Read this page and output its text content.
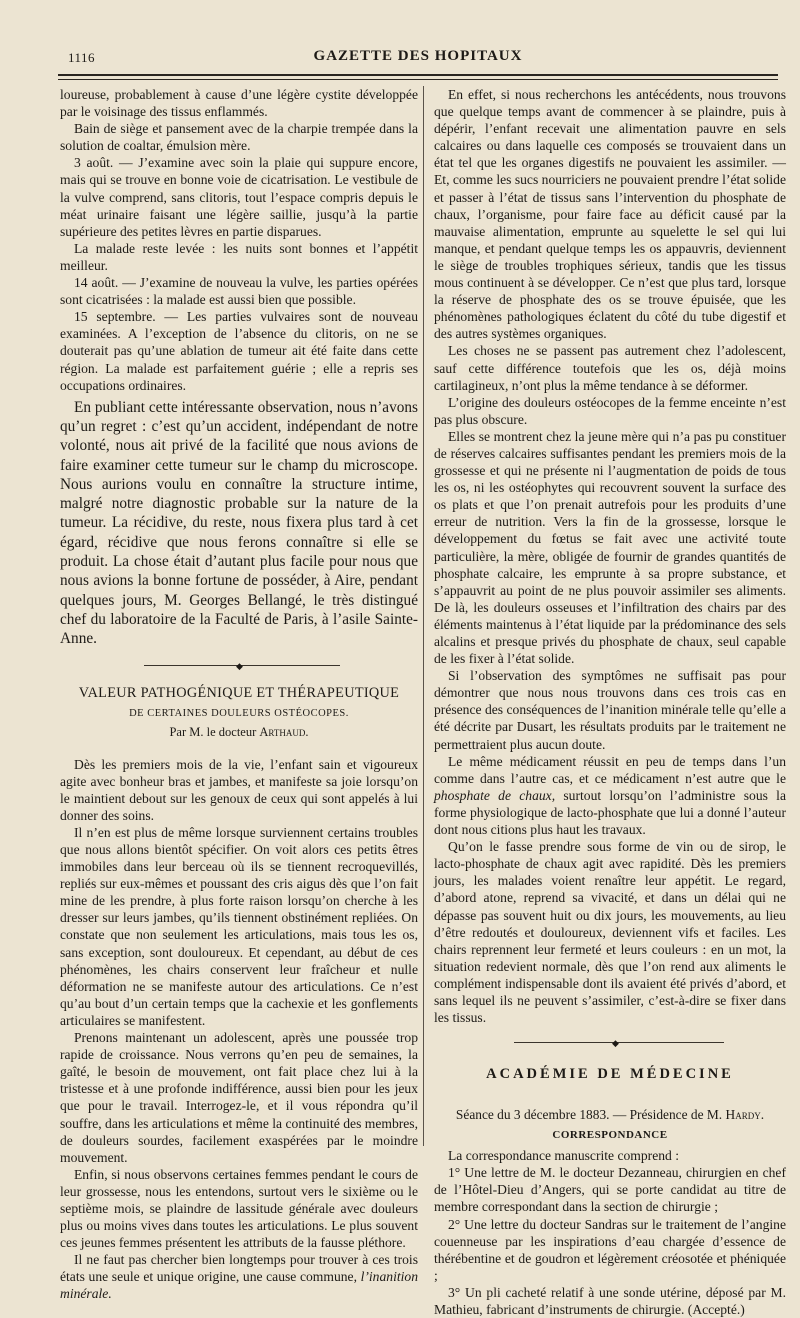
1116	GAZETTE DES HOPITAUX

loureuse, probablement à cause d’une légère cystite développée par le voisinage des tissus enflammés.

Bain de siège et pansement avec de la charpie trempée dans la solution de coaltar, émulsion mère.

3 août. — J’examine avec soin la plaie qui suppure encore, mais qui se trouve en bonne voie de cicatrisation. Le vestibule de la vulve comprend, sans clitoris, tout l’espace compris depuis le méat urinaire faisant une légère saillie, jusqu’à la partie supérieure des petites lèvres en partie disparues.

La malade reste levée : les nuits sont bonnes et l’appétit meilleur.

14 août. — J’examine de nouveau la vulve, les parties opérées sont cicatrisées : la malade est aussi bien que possible.

15 septembre. — Les parties vulvaires sont de nouveau examinées. A l’exception de l’absence du clitoris, on ne se douterait pas qu’une ablation de tumeur ait été faite dans cette région. La malade est parfaitement guérie ; elle a repris ses occupations ordinaires.

En publiant cette intéressante observation, nous n’avons qu’un regret : c’est qu’un accident, indépendant de notre volonté, nous ait privé de la facilité que nous avions de faire examiner cette tumeur sur le champ du microscope. Nous aurions voulu en connaître la structure intime, malgré notre diagnostic probable sur la nature de la tumeur. La récidive, du reste, nous fixera plus tard à cet égard, récidive que nous ferons connaître si elle se produit. La chose était d’autant plus facile pour nous que nous avions la bonne fortune de posséder, à Aire, pendant quelques jours, M. Georges Bellangé, le très distingué chef du laboratoire de la Faculté de Paris, à l’asile Sainte-Anne.

◆
VALEUR PATHOGÉNIQUE ET THÉRAPEUTIQUE
DE CERTAINES DOULEURS OSTÉOCOPES.
Par M. le docteur Arthaud.

Dès les premiers mois de la vie, l’enfant sain et vigoureux agite avec bonheur bras et jambes, et manifeste sa joie lorsqu’on le maintient debout sur les genoux de ceux qui sont appelés à lui donner des soins.

Il n’en est plus de même lorsque surviennent certains troubles que nous allons bientôt spécifier. On voit alors ces petits êtres immobiles dans leur berceau où ils se tiennent recroquevillés, repliés sur eux-mêmes et poussant des cris aigus dès que l’on fait mine de les prendre, à plus forte raison lorsqu’on cherche à les dresser sur leurs jambes, qu’ils tiennent obstinément repliées. On constate que non seulement les articulations, mais tous les os, sans exception, sont douloureux. Et cependant, au début de ces phénomènes, les chairs conservent leur fraîcheur et nulle déformation ne se manifeste autour des articulations. Ce n’est qu’au bout d’un certain temps que la cachexie et les gonflements articulaires se manifestent.

Prenons maintenant un adolescent, après une poussée trop rapide de croissance. Nous verrons qu’en peu de semaines, la gaîté, le besoin de mouvement, ont fait place chez lui à la tristesse et à une profonde indifférence, aussi bien pour les jeux que pour le travail. Interrogez-le, et il vous répondra qu’il souffre, dans les articulations et même la continuité des membres, de douleurs sourdes, facilement exaspérées par le moindre mouvement.

Enfin, si nous observons certaines femmes pendant le cours de leur grossesse, nous les entendons, surtout vers le sixième ou le septième mois, se plaindre de lassitude générale avec douleurs plus ou moins vives dans toutes les articulations. Le plus souvent ces jeunes femmes présentent les attributs de la fausse pléthore.

Il ne faut pas chercher bien longtemps pour trouver à ces trois états une seule et unique origine, une cause commune, l’inanition minérale.

En effet, si nous recherchons les antécédents, nous trouvons que quelque temps avant de commencer à se plaindre, puis à dépérir, l’enfant recevait une alimentation pauvre en sels calcaires ou dans laquelle ces composés se trouvaient dans un état tel que les organes digestifs ne pouvaient les assimiler. — Et, comme les sucs nourriciers ne pouvaient prendre l’état solide et passer à l’état de tissus sans l’intervention du phosphate de chaux, l’organisme, pour faire face au déficit causé par la mauvaise alimentation, emprunte au squelette le sel qui lui manque, et pendant quelque temps les os appauvris, deviennent le siège de troubles trophiques sérieux, tandis que les tissus mous continuent à se développer. Ce n’est que plus tard, lorsque la réserve de phosphate des os se trouve épuisée, que les phénomènes pathologiques éclatent du côté du tube digestif et des autres systèmes organiques.

Les choses ne se passent pas autrement chez l’adolescent, sauf cette différence toutefois que les os, déjà moins cartilagineux, n’ont plus la même tendance à se déformer.

L’origine des douleurs ostéocopes de la femme enceinte n’est pas plus obscure.

Elles se montrent chez la jeune mère qui n’a pas pu constituer de réserves calcaires suffisantes pendant les premiers mois de la grossesse et qui ne présente ni l’augmentation de poids de tous les os, ni les ostéophytes qui recouvrent souvent la surface des os plats et que l’on prenait autrefois pour les produits d’une erreur de nutrition. Vers la fin de la grossesse, lorsque le développement du fœtus se fait avec une activité toute particulière, la mère, obligée de fournir de grandes quantités de phosphate calcaire, les emprunte à sa propre substance, et s’appauvrit au point de ne plus pouvoir assimiler ses aliments. De là, les douleurs osseuses et l’infiltration des chairs par des éléments maintenus à l’état liquide par la prédominance des sels alcalins et presque privés du phosphate de chaux, seul capable de les fixer à l’état solide.

Si l’observation des symptômes ne suffisait pas pour démontrer que nous nous trouvons dans ces trois cas en présence des conséquences de l’inanition minérale telle qu’elle a été décrite par Dusart, les résultats produits par le traitement ne permettraient plus aucun doute.

Le même médicament réussit en peu de temps dans l’un comme dans l’autre cas, et ce médicament n’est autre que le phosphate de chaux, surtout lorsqu’on l’administre sous la forme physiologique de lacto-phosphate que lui a donné l’auteur dont nous citions plus haut les travaux.

Qu’on le fasse prendre sous forme de vin ou de sirop, le lacto-phosphate de chaux agit avec rapidité. Dès les premiers jours, les malades voient renaître leur appétit. Le regard, d’abord atone, reprend sa vivacité, et dans un délai qui ne dépasse pas souvent huit ou dix jours, les mouvements, au lieu d’être redoutés et douloureux, deviennent vifs et faciles. Les chairs reprennent leur fermeté et leurs couleurs : en un mot, la situation redevient normale, dès que l’on rend aux aliments le complément indispensable dont ils avaient été privés d’abord, et sans lequel ils ne peuvent s’assimiler, c’est-à-dire se fixer dans les tissus.

◆
ACADÉMIE DE MÉDECINE
Séance du 3 décembre 1883. — Présidence de M. Hardy.
CORRESPONDANCE

La correspondance manuscrite comprend :

1° Une lettre de M. le docteur Dezanneau, chirurgien en chef de l’Hôtel-Dieu d’Angers, qui se porte candidat au titre de membre correspondant dans la section de chirurgie ;

2° Une lettre du docteur Sandras sur le traitement de l’angine couenneuse par les inspirations d’eau chargée d’essence de thérébentine et de goudron et légèrement créosotée et phéniquée ;

3° Un pli cacheté relatif à une sonde utérine, déposé par M. Mathieu, fabricant d’instruments de chirurgie. (Accepté.)
